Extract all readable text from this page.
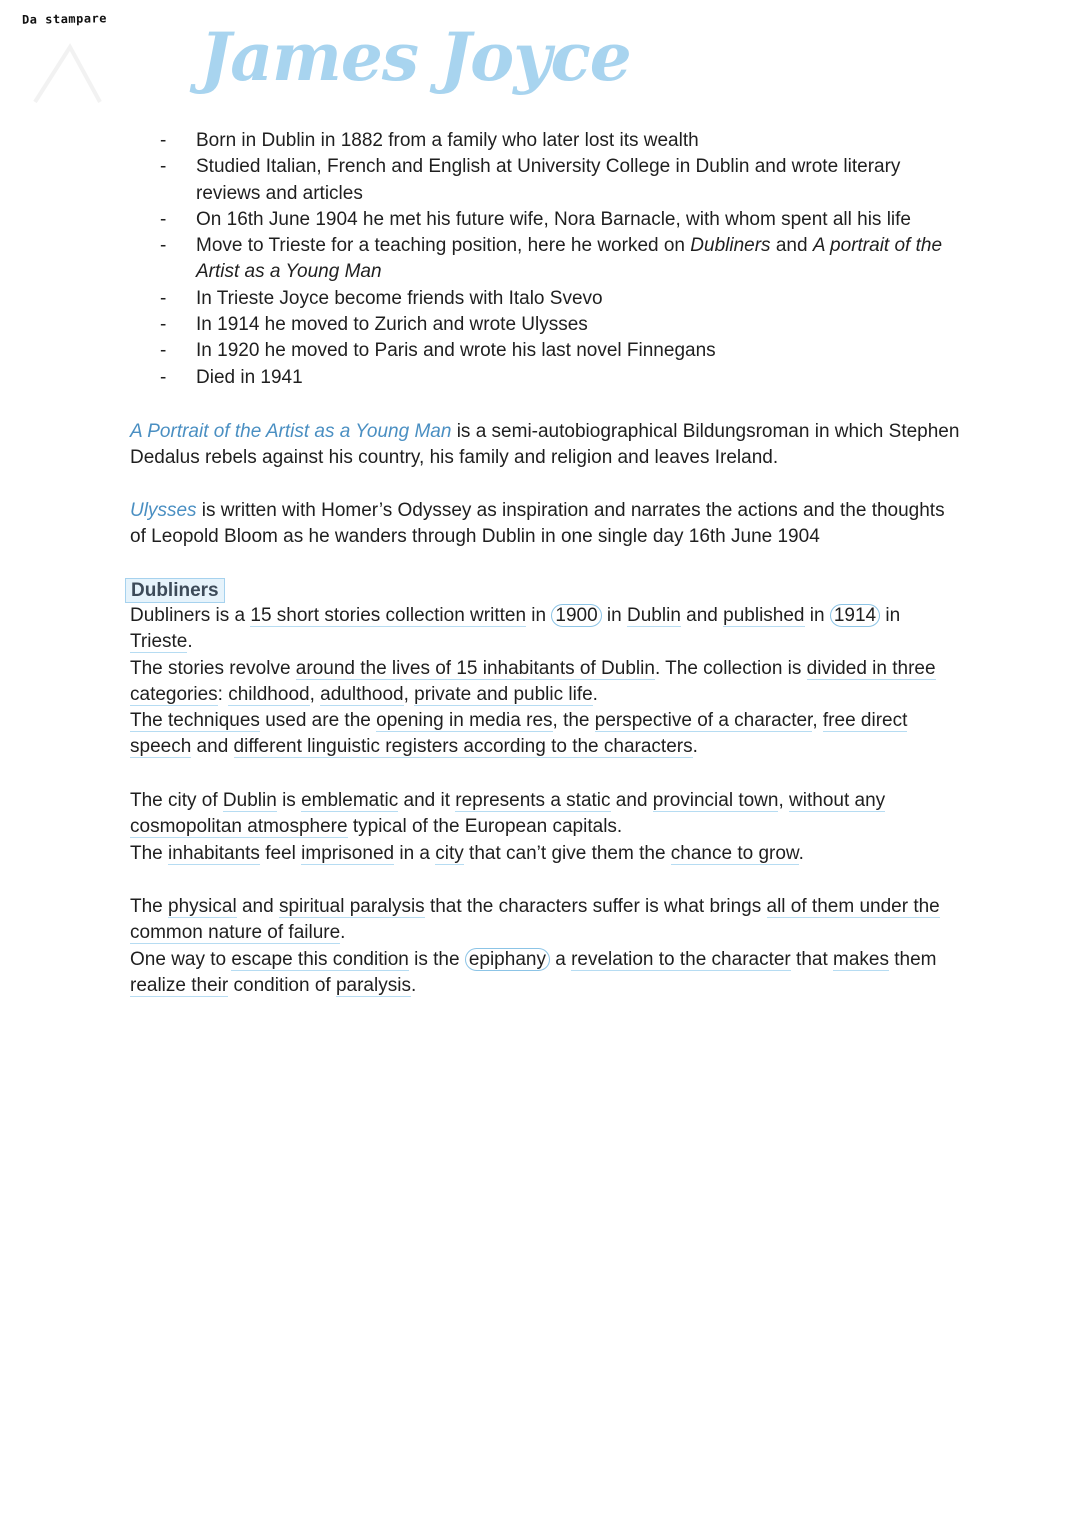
Da stampare James Joyce
- Born in Dublin in 1882 from a family who later lost its wealth
- Studied Italian, French and English at University College in Dublin and wrote literary reviews and articles
- On 16th June 1904 he met his future wife, Nora Barnacle, with whom spent all his life
- Move to Trieste for a teaching position, here he worked on Dubliners and A portrait of the Artist as a Young Man
- In Trieste Joyce become friends with Italo Svevo
- In 1914 he moved to Zurich and wrote Ulysses
- In 1920 he moved to Paris and wrote his last novel Finnegans
- Died in 1941

A Portrait of the Artist as a Young Man is a semi-autobiographical Bildungsroman in which Stephen Dedalus rebels against his country, his family and religion and leaves Ireland.

Ulysses is written with Homer’s Odyssey as inspiration and narrates the actions and the thoughts of Leopold Bloom as he wanders through Dublin in one single day 16th June 1904

Dubliners

Dubliners is a 15 short stories collection written in 1900 in Dublin and published in 1914 in Trieste.
The stories revolve around the lives of 15 inhabitants of Dublin. The collection is divided in three categories: childhood, adulthood, private and public life.
The techniques used are the opening in media res, the perspective of a character, free direct speech and different linguistic registers according to the characters.

The city of Dublin is emblematic and it represents a static and provincial town, without any cosmopolitan atmosphere typical of the European capitals.
The inhabitants feel imprisoned in a city that can’t give them the chance to grow.

The physical and spiritual paralysis that the characters suffer is what brings all of them under the common nature of failure.
One way to escape this condition is the epiphany a revelation to the character that makes them realize their condition of paralysis.
